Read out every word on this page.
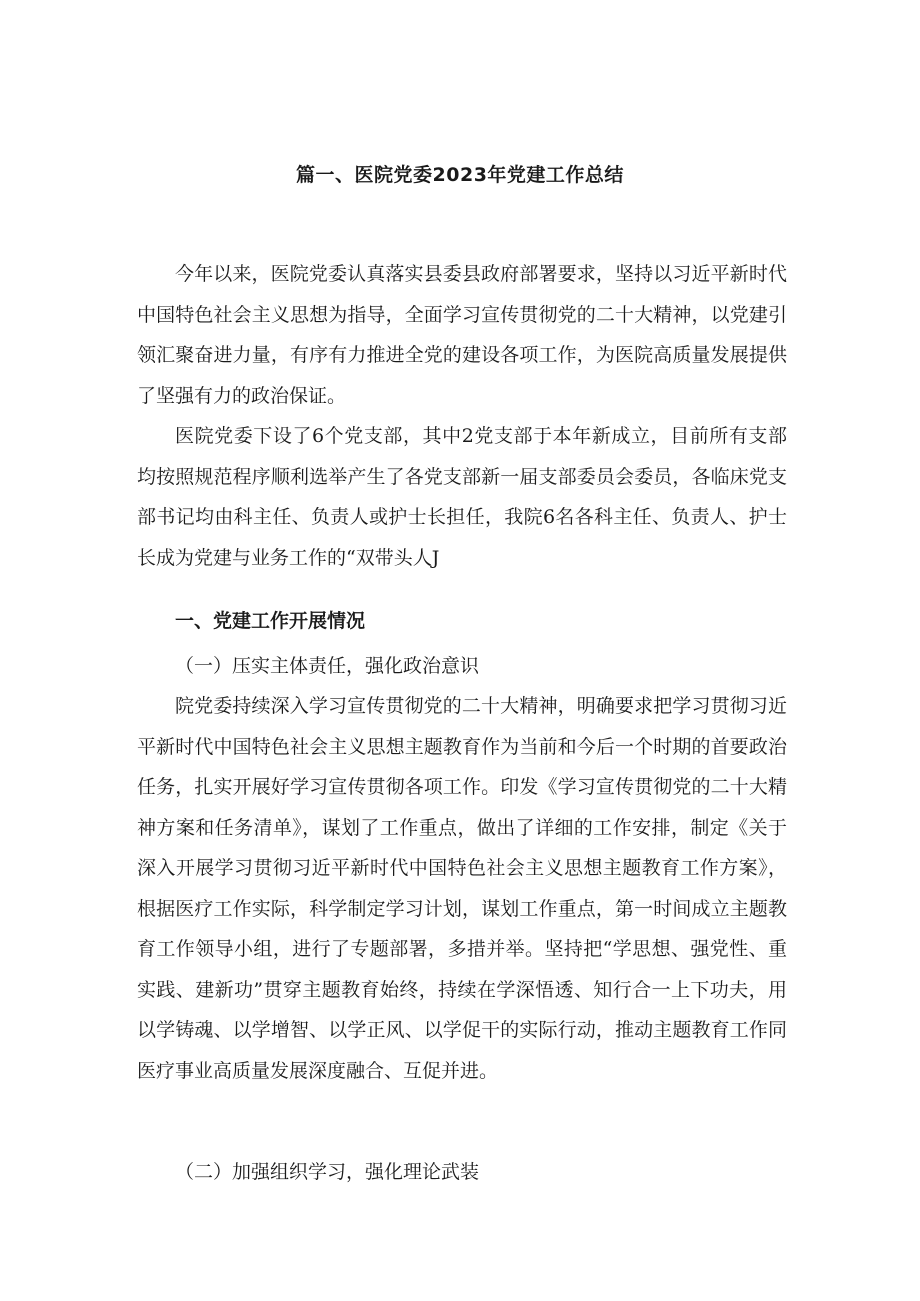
篇一、医院党委2023年党建工作总结

今年以来，医院党委认真落实县委县政府部署要求，坚持以习近平新时代中国特色社会主义思想为指导，全面学习宣传贯彻党的二十大精神，以党建引领汇聚奋进力量，有序有力推进全党的建设各项工作，为医院高质量发展提供了坚强有力的政治保证。

医院党委下设了6个党支部，其中2党支部于本年新成立，目前所有支部均按照规范程序顺利选举产生了各党支部新一届支部委员会委员，各临床党支部书记均由科主任、负责人或护士长担任，我院6名各科主任、负责人、护士长成为党建与业务工作的“双带头人J

一、党建工作开展情况
（一）压实主体责任，强化政治意识

院党委持续深入学习宣传贯彻党的二十大精神，明确要求把学习贯彻习近平新时代中国特色社会主义思想主题教育作为当前和今后一个时期的首要政治任务，扎实开展好学习宣传贯彻各项工作。印发《学习宣传贯彻党的二十大精神方案和任务清单》，谋划了工作重点，做出了详细的工作安排，制定《关于深入开展学习贯彻习近平新时代中国特色社会主义思想主题教育工作方案》，根据医疗工作实际，科学制定学习计划，谋划工作重点，第一时间成立主题教育工作领导小组，进行了专题部署，多措并举。坚持把“学思想、强党性、重实践、建新功”贯穿主题教育始终，持续在学深悟透、知行合一上下功夫，用以学铸魂、以学增智、以学正风、以学促干的实际行动，推动主题教育工作同医疗事业高质量发展深度融合、互促并进。

（二）加强组织学习，强化理论武装
